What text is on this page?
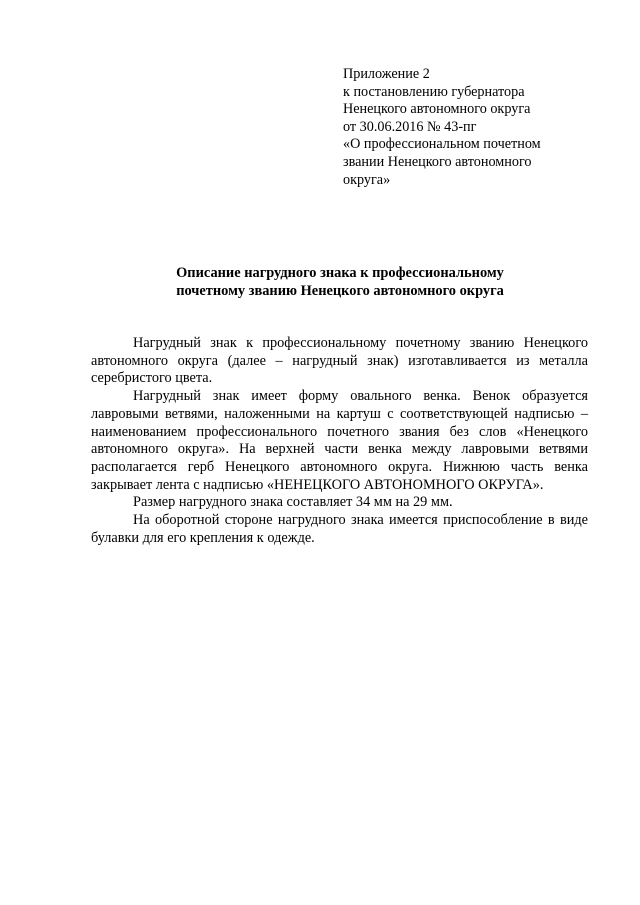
Приложение 2
к постановлению губернатора
Ненецкого автономного округа
от 30.06.2016 № 43-пг
«О профессиональном почетном
звании Ненецкого автономного
округа»
Описание нагрудного знака к профессиональному
почетному званию Ненецкого автономного округа

Нагрудный знак к профессиональному почетному званию Ненецкого автономного округа (далее – нагрудный знак) изготавливается из металла серебристого цвета.

Нагрудный знак имеет форму овального венка. Венок образуется лавровыми ветвями, наложенными на картуш с соответствующей надписью – наименованием профессионального почетного звания без слов «Ненецкого автономного округа». На верхней части венка между лавровыми ветвями располагается герб Ненецкого автономного округа. Нижнюю часть венка закрывает лента с надписью «НЕНЕЦКОГО АВТОНОМНОГО ОКРУГА».

Размер нагрудного знака составляет 34 мм на 29 мм.

На оборотной стороне нагрудного знака имеется приспособление в виде булавки для его крепления к одежде.
